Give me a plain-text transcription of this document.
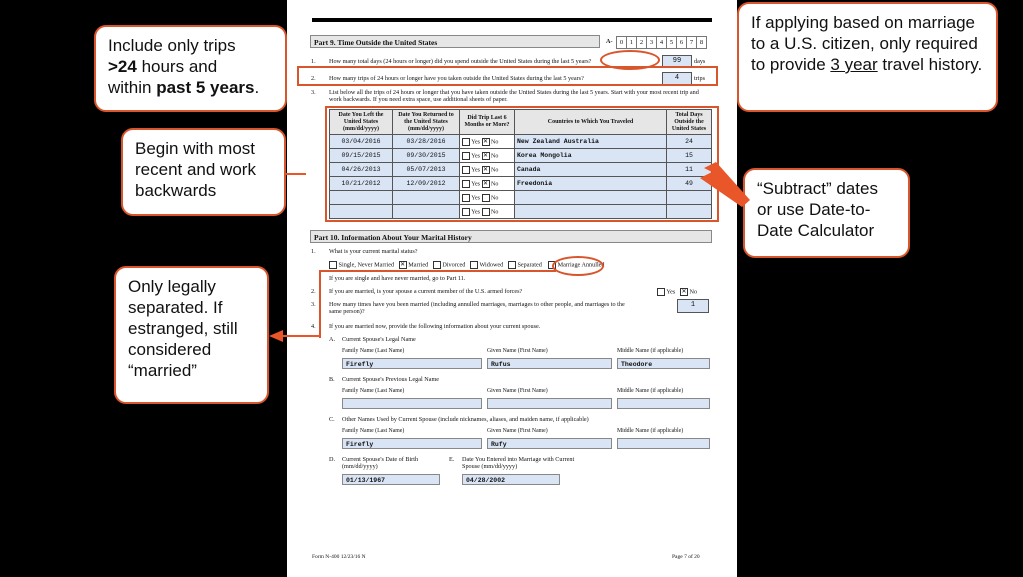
A-	0	1	2	3	4	5	6	7	8
Part 9. Time Outside the United States
1. How many total days (24 hours or longer) did you spend outside the United States during the last 5 years?	99	days
2. How many trips of 24 hours or longer have you taken outside the United States during the last 5 years?	4	trips
3. List below all the trips of 24 hours or longer that you have taken outside the United States during the last 5 years. Start with your most recent trip and work backwards. If you need extra space, use additional sheets of paper.
Date You Left the United States (mm/dd/yyyy)	Date You Returned to the United States (mm/dd/yyyy)	Did Trip Last 6 Months or More?	Countries to Which You Traveled	Total Days Outside the United States
03/04/2016	03/28/2016	Yes ✕ No	New Zealand Australia	24
09/15/2015	09/30/2015	Yes ✕ No	Korea Mongolia	15
04/26/2013	05/07/2013	Yes ✕ No	Canada	11
10/21/2012	12/09/2012	Yes ✕ No	Freedonia	49
		Yes No		
		Yes No		
Part 10. Information About Your Marital History
1. What is your current marital status?
Single, Never Married ✕ Married Divorced Widowed Separated	Marriage Annulled
If you are single and have never married, go to Part 11.
2. If you are married, is your spouse a current member of the U.S. armed forces?	Yes ✕ No
3. How many times have you been married (including annulled marriages, marriages to other people, and marriages to the same person)?
1
4. If you are married now, provide the following information about your current spouse.
A. Current Spouse's Legal Name
Family Name (Last Name)	Given Name (First Name)	Middle Name (if applicable)
Firefly	Rufus	Theodore
B. Current Spouse's Previous Legal Name
Family Name (Last Name)	Given Name (First Name)	Middle Name (if applicable)
C. Other Names Used by Current Spouse (include nicknames, aliases, and maiden name, if applicable)
Family Name (Last Name)	Given Name (First Name)	Middle Name (if applicable)
Firefly	Rufy
D. Current Spouse's Date of Birth (mm/dd/yyyy)
01/13/1967
E. Date You Entered into Marriage with Current Spouse (mm/dd/yyyy)
04/28/2002
Form N-400 12/23/16 N	Page 7 of 20
Include only trips
>24 hours and
within past 5 years.
Begin with most recent and work backwards
Only legally separated. If estranged, still considered “married”
If applying based on marriage to a U.S. citizen, only required to provide 3 year travel history.
“Subtract” dates or use Date-to-Date Calculator
